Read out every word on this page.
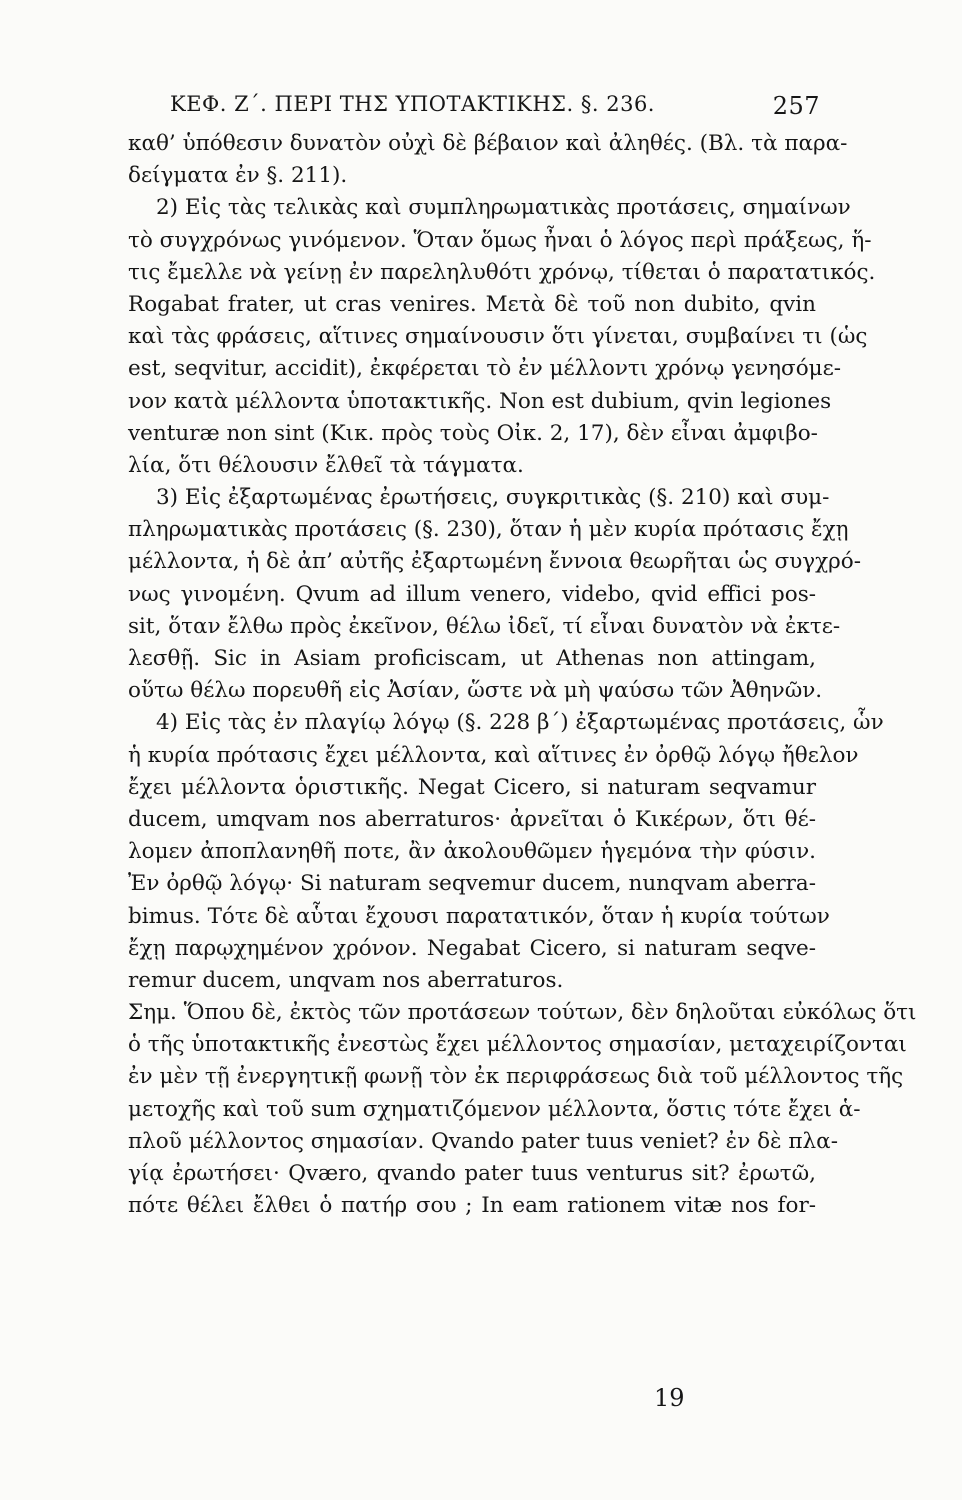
ΚΕΦ. Ζ΄. ΠΕΡΙ ΤΗΣ ΥΠΟΤΑΚΤΙΚΗΣ. §. 236.	257
καθ’ ὑπόθεσιν δυνατὸν οὐχὶ δὲ βέβαιον καὶ ἀληθές. (Βλ. τὰ παρα-
δείγματα ἐν §. 211).
2) Εἰς τὰς τελικὰς καὶ συμπληρωματικὰς προτάσεις, σημαίνων
τὸ συγχρόνως γινόμενον. Ὅταν ὅμως ἦναι ὁ λόγος περὶ πράξεως, ἥ-
τις ἔμελλε νὰ γείνῃ ἐν παρεληλυθότι χρόνῳ, τίθεται ὁ παρατατικός.
Rogabat frater, ut cras venires. Μετὰ δὲ τοῦ non dubito, qvin
καὶ τὰς φράσεις, αἵτινες σημαίνουσιν ὅτι γίνεται, συμβαίνει τι (ὡς
est, seqvitur, accidit), ἐκφέρεται τὸ ἐν μέλλοντι χρόνῳ γενησόμε-
νον κατὰ μέλλοντα ὑποτακτικῆς. Non est dubium, qvin legiones
venturæ non sint (Κικ. πρὸς τοὺς Οἰκ. 2, 17), δὲν εἶναι ἀμφιβο-
λία, ὅτι θέλουσιν ἔλθεῖ τὰ τάγματα.
3) Εἰς ἐξαρτωμένας ἐρωτήσεις, συγκριτικὰς (§. 210) καὶ συμ-
πληρωματικὰς προτάσεις (§. 230), ὅταν ἡ μὲν κυρία πρότασις ἔχῃ
μέλλοντα, ἡ δὲ ἀπ’ αὐτῆς ἐξαρτωμένη ἔννοια θεωρῆται ὡς συγχρό-
νως γινομένη. Qvum ad illum venero, videbo, qvid effici pos-
sit, ὅταν ἔλθω πρὸς ἐκεῖνον, θέλω ἰδεῖ, τί εἶναι δυνατὸν νὰ ἐκτε-
λεσθῇ. Sic in Asiam proficiscam, ut Athenas non attingam,
οὕτω θέλω πορευθῆ εἰς Ἀσίαν, ὥστε νὰ μὴ ψαύσω τῶν Ἀθηνῶν.
4) Εἰς τὰς ἐν πλαγίῳ λόγῳ (§. 228 β΄) ἐξαρτωμένας προτάσεις, ὧν
ἡ κυρία πρότασις ἔχει μέλλοντα, καὶ αἵτινες ἐν ὀρθῷ λόγῳ ἤθελον
ἔχει μέλλοντα ὁριστικῆς. Negat Cicero, si naturam seqvamur
ducem, umqvam nos aberraturos· ἀρνεῖται ὁ Κικέρων, ὅτι θέ-
λομεν ἀποπλανηθῆ ποτε, ἂν ἀκολουθῶμεν ἡγεμόνα τὴν φύσιν.
Ἐν ὀρθῷ λόγῳ· Si naturam seqvemur ducem, nunqvam aberra-
bimus. Τότε δὲ αὗται ἔχουσι παρατατικόν, ὅταν ἡ κυρία τούτων
ἔχῃ παρῳχημένον χρόνον. Negabat Cicero, si naturam seqve-
remur ducem, unqvam nos aberraturos.
Σημ. Ὅπου δὲ, ἐκτὸς τῶν προτάσεων τούτων, δὲν δηλοῦται εὐκόλως ὅτι
ὁ τῆς ὑποτακτικῆς ἐνεστὼς ἔχει μέλλοντος σημασίαν, μεταχειρίζονται
ἐν μὲν τῇ ἐνεργητικῇ φωνῇ τὸν ἐκ περιφράσεως διὰ τοῦ μέλλοντος τῆς
μετοχῆς καὶ τοῦ sum σχηματιζόμενον μέλλοντα, ὅστις τότε ἔχει ἁ-
πλοῦ μέλλοντος σημασίαν. Qvando pater tuus veniet? ἐν δὲ πλα-
γίᾳ ἐρωτήσει· Qværo, qvando pater tuus venturus sit? ἐρωτῶ,
πότε θέλει ἔλθει ὁ πατήρ σου ; In eam rationem vitæ nos for-
19
